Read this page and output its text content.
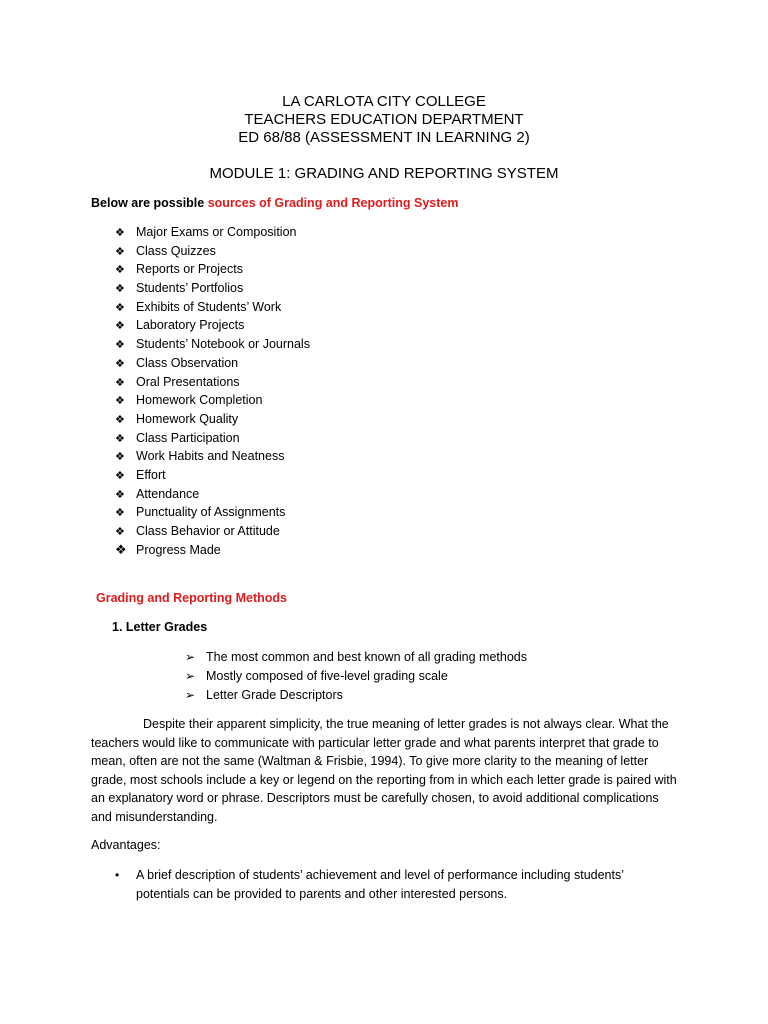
LA CARLOTA CITY COLLEGE
TEACHERS EDUCATION DEPARTMENT
ED 68/88 (ASSESSMENT IN LEARNING 2)
MODULE 1: GRADING AND REPORTING SYSTEM
Below are possible sources of Grading and Reporting System
❖ Major Exams or Composition
❖ Class Quizzes
❖ Reports or Projects
❖ Students’ Portfolios
❖ Exhibits of Students’ Work
❖ Laboratory Projects
❖ Students’ Notebook or Journals
❖ Class Observation
❖ Oral Presentations
❖ Homework Completion
❖ Homework Quality
❖ Class Participation
❖ Work Habits and Neatness
❖ Effort
❖ Attendance
❖ Punctuality of Assignments
❖ Class Behavior or Attitude
❖ Progress Made
Grading and Reporting Methods
1. Letter Grades
➢ The most common and best known of all grading methods
➢ Mostly composed of five-level grading scale
➢ Letter Grade Descriptors

Despite their apparent simplicity, the true meaning of letter grades is not always clear. What the teachers would like to communicate with particular letter grade and what parents interpret that grade to mean, often are not the same (Waltman & Frisbie, 1994). To give more clarity to the meaning of letter grade, most schools include a key or legend on the reporting from in which each letter grade is paired with an explanatory word or phrase. Descriptors must be carefully chosen, to avoid additional complications and misunderstanding.

Advantages:
• A brief description of students’ achievement and level of performance including students’ potentials can be provided to parents and other interested persons.
